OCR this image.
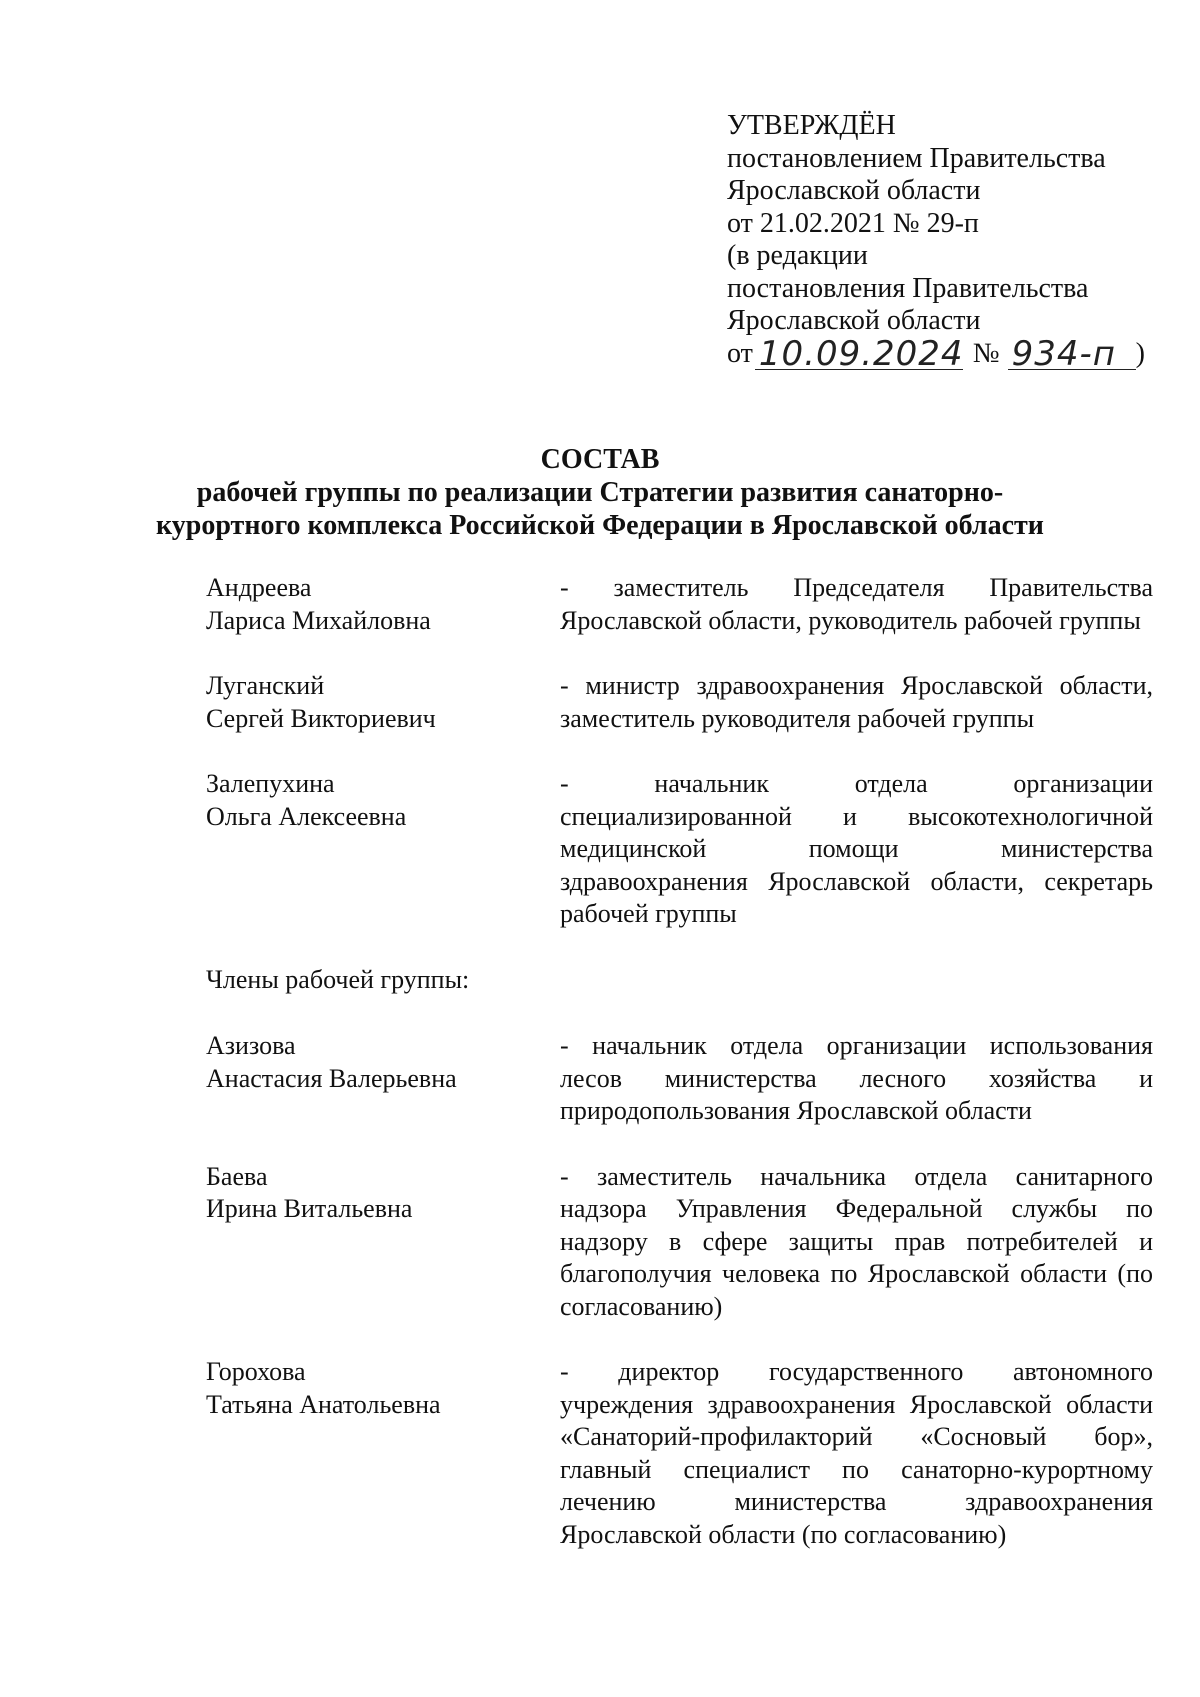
УТВЕРЖДЁН
постановлением Правительства
Ярославской области
от 21.02.2021 № 29-п
(в редакции
постановления Правительства
Ярославской области
от 10.09.2024 № 934-п )
СОСТАВ
рабочей группы по реализации Стратегии развития санаторно-курортного комплекса Российской Федерации в Ярославской области
Андреева
Лариса Михайловна
- заместитель Председателя Правительства Ярославской области, руководитель рабочей группы
Луганский
Сергей Викториевич
- министр здравоохранения Ярославской области, заместитель руководителя рабочей группы
Залепухина
Ольга Алексеевна
- начальник отдела организации специализированной и высокотехнологичной медицинской помощи министерства здравоохранения Ярославской области, секретарь рабочей группы
Члены рабочей группы:
Азизова
Анастасия Валерьевна
- начальник отдела организации использования лесов министерства лесного хозяйства и природопользования Ярославской области
Баева
Ирина Витальевна
- заместитель начальника отдела санитарного надзора Управления Федеральной службы по надзору в сфере защиты прав потребителей и благополучия человека по Ярославской области (по согласованию)
Горохова
Татьяна Анатольевна
- директор государственного автономного учреждения здравоохранения Ярославской области «Санаторий-профилакторий «Сосновый бор», главный специалист по санаторно-курортному лечению министерства здравоохранения Ярославской области (по согласованию)
